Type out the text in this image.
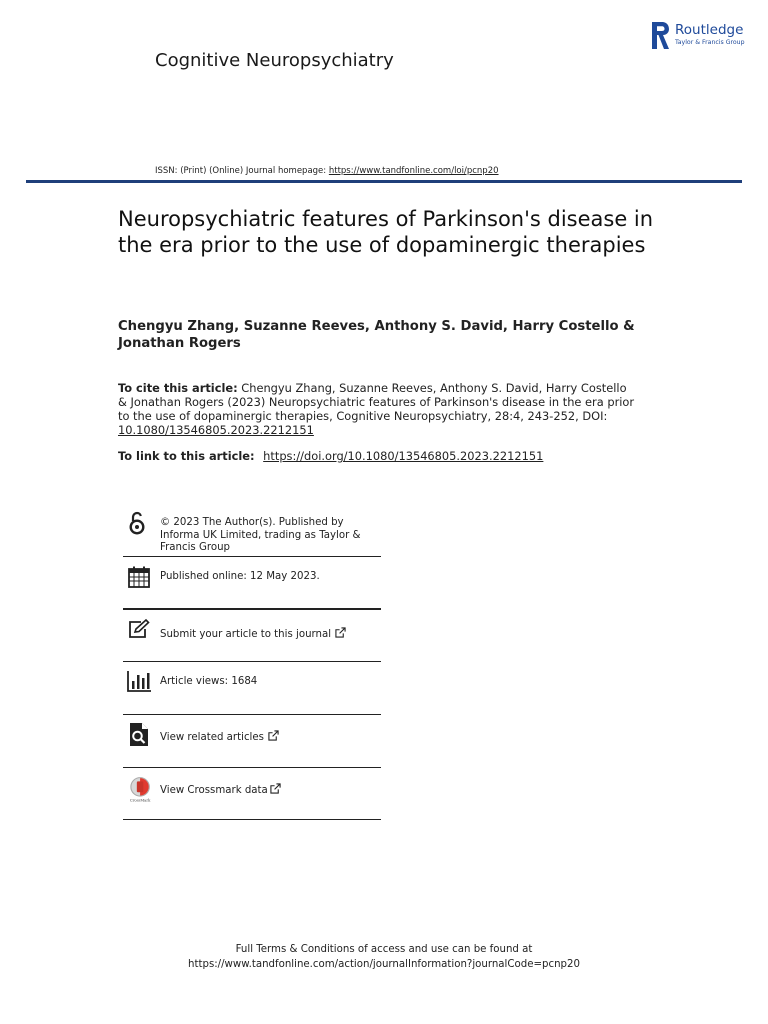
Cognitive Neuropsychiatry
Routledge
Taylor & Francis Group
ISSN: (Print) (Online) Journal homepage: https://www.tandfonline.com/loi/pcnp20
Neuropsychiatric features of Parkinson's disease in the era prior to the use of dopaminergic therapies
Chengyu Zhang, Suzanne Reeves, Anthony S. David, Harry Costello & Jonathan Rogers
To cite this article: Chengyu Zhang, Suzanne Reeves, Anthony S. David, Harry Costello & Jonathan Rogers (2023) Neuropsychiatric features of Parkinson's disease in the era prior to the use of dopaminergic therapies, Cognitive Neuropsychiatry, 28:4, 243-252, DOI: 10.1080/13546805.2023.2212151
To link to this article: https://doi.org/10.1080/13546805.2023.2212151
© 2023 The Author(s). Published by Informa UK Limited, trading as Taylor & Francis Group
Published online: 12 May 2023.
Submit your article to this journal
Article views: 1684
View related articles
CrossMark
View Crossmark data
Full Terms & Conditions of access and use can be found at
https://www.tandfonline.com/action/journalInformation?journalCode=pcnp20
